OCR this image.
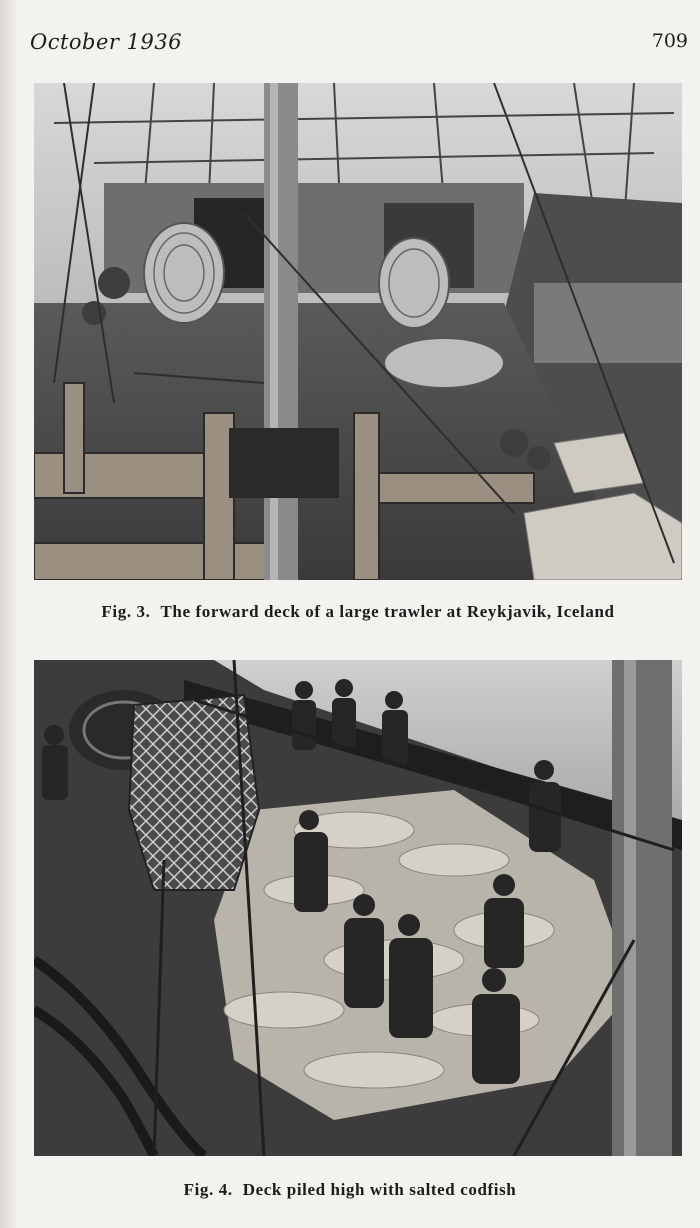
October 1936	709
Fig. 3. The forward deck of a large trawler at Reykjavik, Iceland
Fig. 4. Deck piled high with salted codfish
